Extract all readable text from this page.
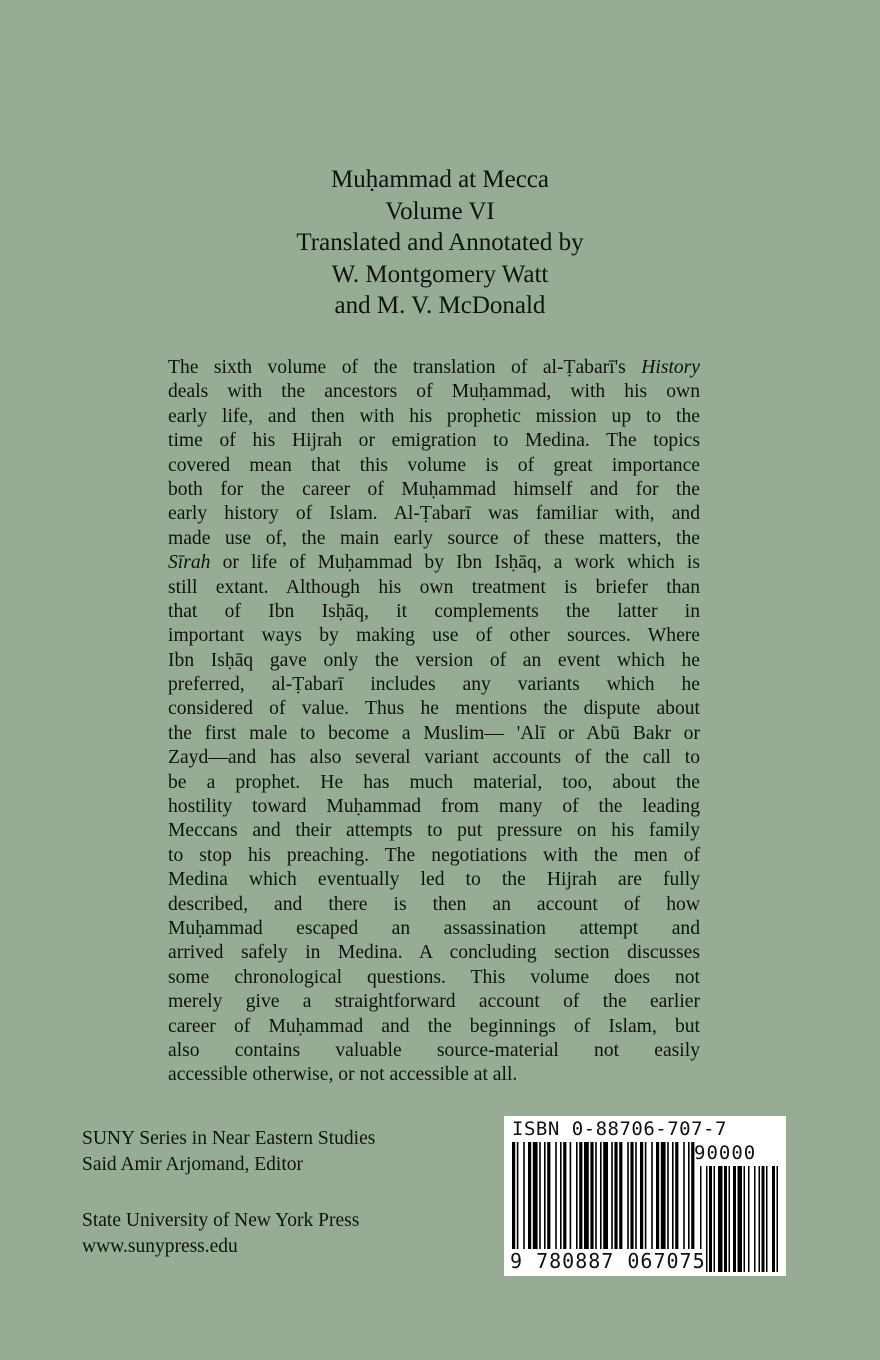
Muḥammad at Mecca
Volume VI
Translated and Annotated by
W. Montgomery Watt
and M. V. McDonald
The sixth volume of the translation of al-Ṭabarī's History
deals with the ancestors of Muḥammad, with his own
early life, and then with his prophetic mission up to the
time of his Hijrah or emigration to Medina. The topics
covered mean that this volume is of great importance
both for the career of Muḥammad himself and for the
early history of Islam. Al-Ṭabarī was familiar with, and
made use of, the main early source of these matters, the
Sīrah or life of Muḥammad by Ibn Isḥāq, a work which is
still extant. Although his own treatment is briefer than
that of Ibn Isḥāq, it complements the latter in
important ways by making use of other sources. Where
Ibn Isḥāq gave only the version of an event which he
preferred, al-Ṭabarī includes any variants which he
considered of value. Thus he mentions the dispute about
the first male to become a Muslim— 'Alī or Abū Bakr or
Zayd—and has also several variant accounts of the call to
be a prophet. He has much material, too, about the
hostility toward Muḥammad from many of the leading
Meccans and their attempts to put pressure on his family
to stop his preaching. The negotiations with the men of
Medina which eventually led to the Hijrah are fully
described, and there is then an account of how
Muḥammad escaped an assassination attempt and
arrived safely in Medina. A concluding section discusses
some chronological questions. This volume does not
merely give a straightforward account of the earlier
career of Muḥammad and the beginnings of Islam, but
also contains valuable source-material not easily
accessible otherwise, or not accessible at all.
SUNY Series in Near Eastern Studies
Said Amir Arjomand, Editor
State University of New York Press
www.sunypress.edu
ISBN 0-88706-707-7
90000
9 780887 067075
